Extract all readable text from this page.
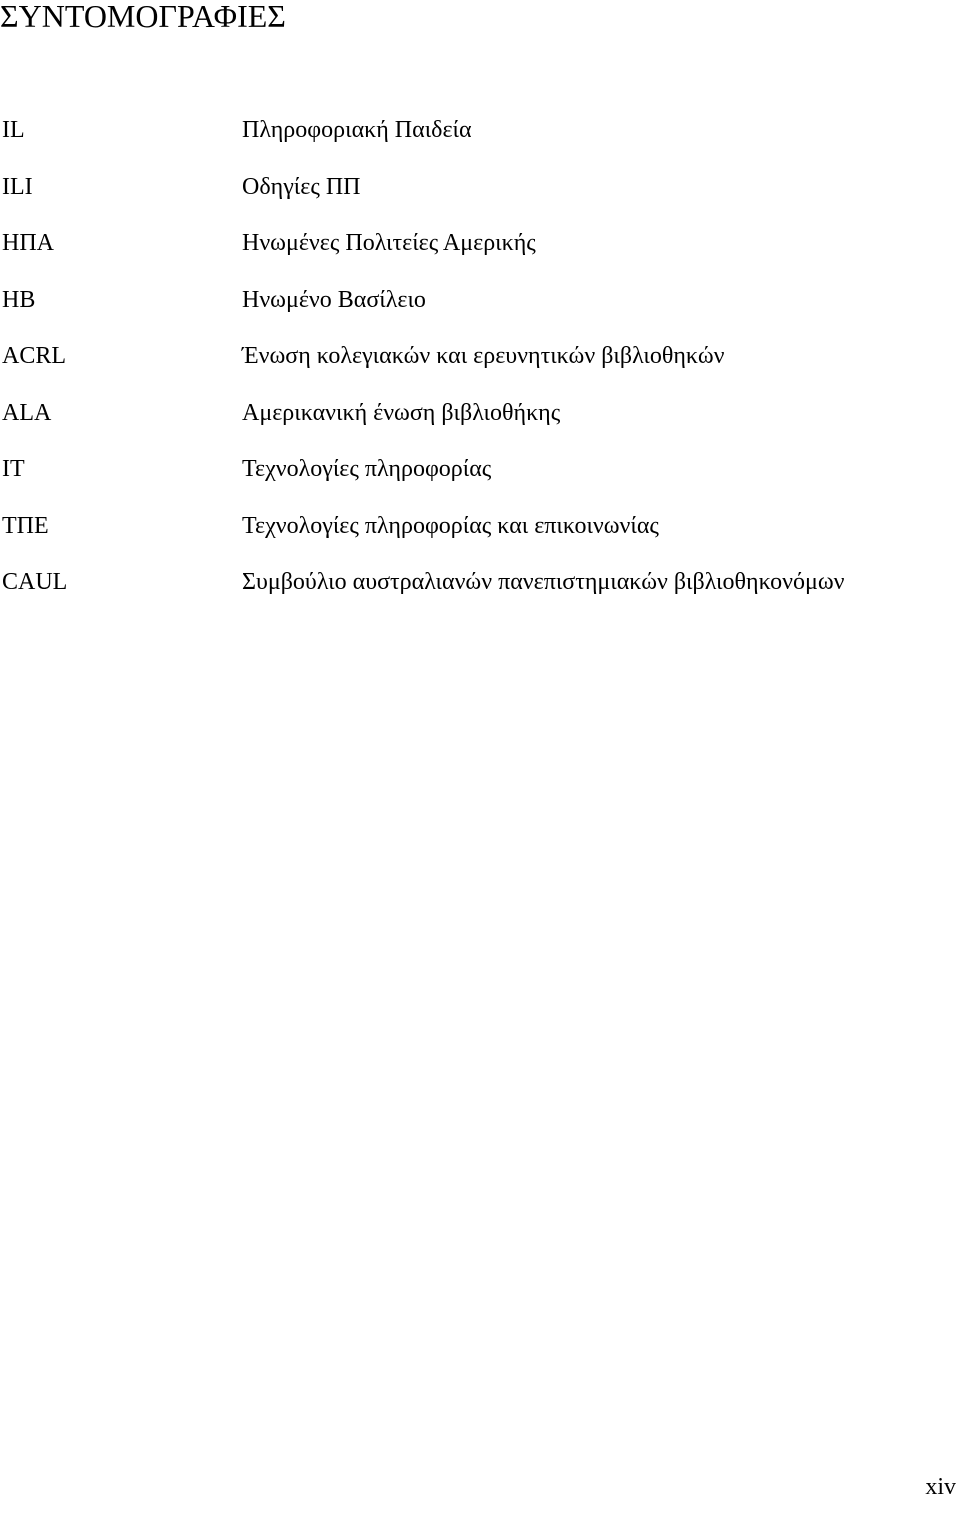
ΣΥΝΤΟΜΟΓΡΑΦΙΕΣ
IL	Πληροφοριακή Παιδεία
ILI	Οδηγίες ΠΠ
ΗΠΑ	Ηνωμένες Πολιτείες Αμερικής
ΗΒ	Ηνωμένο Βασίλειο
ACRL	Ένωση κολεγιακών και ερευνητικών βιβλιοθηκών
ALA	Αμερικανική ένωση βιβλιοθήκης
IT	Τεχνολογίες πληροφορίας
ΤΠΕ	Τεχνολογίες πληροφορίας και επικοινωνίας
CAUL	Συμβούλιο αυστραλιανών πανεπιστημιακών βιβλιοθηκονόμων
xiv
